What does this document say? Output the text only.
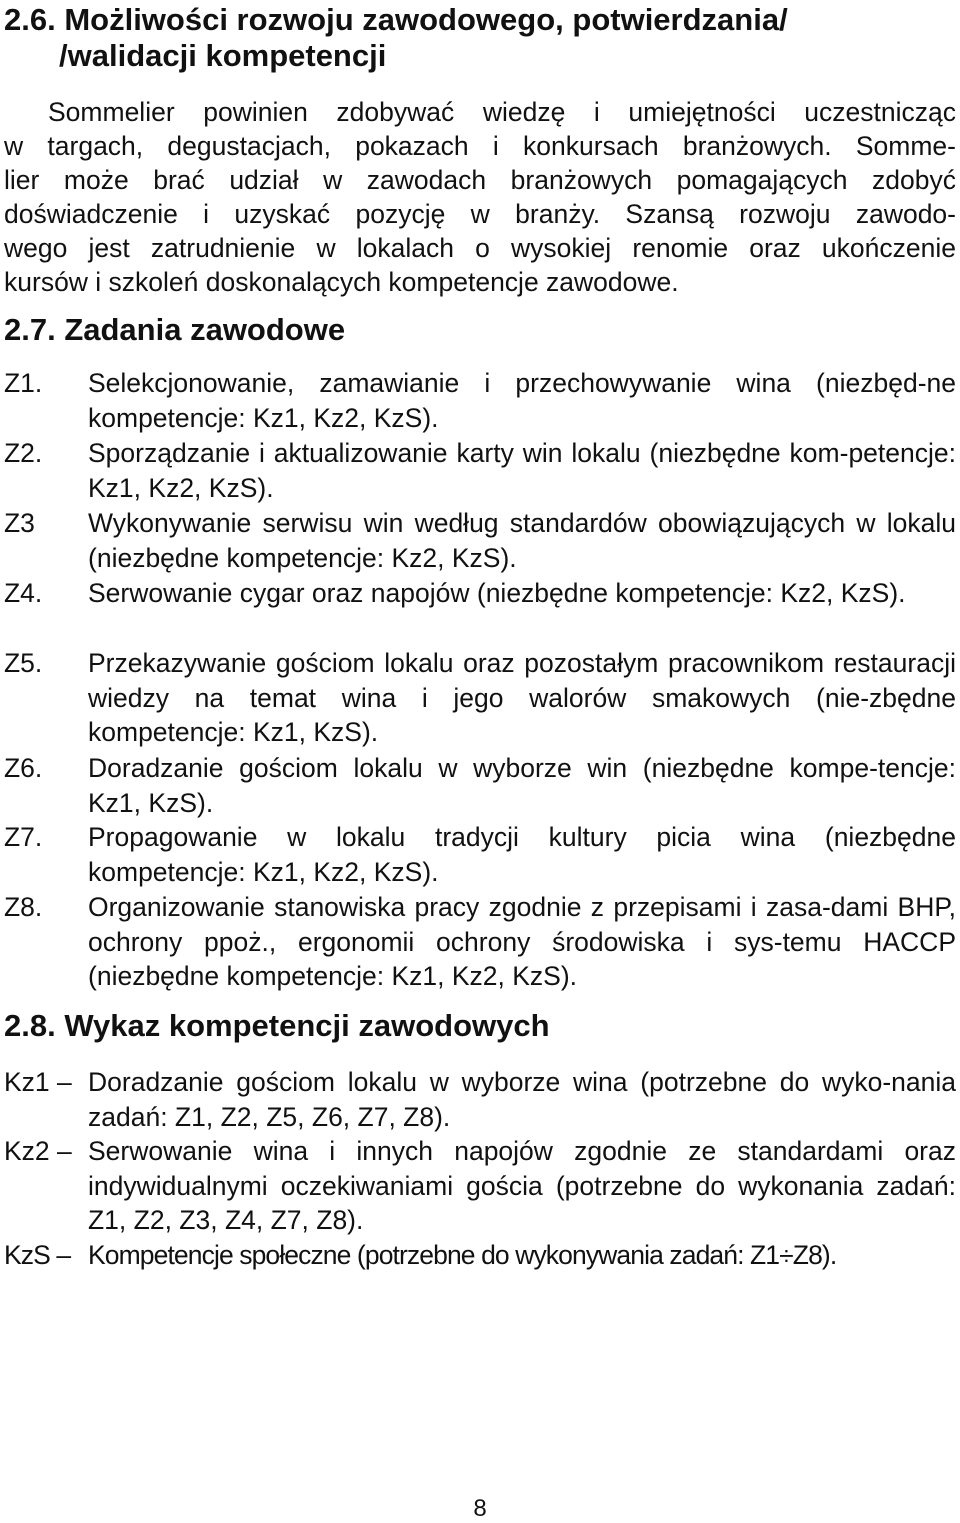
2.6. Możliwości rozwoju zawodowego, potwierdzania/
/walidacji kompetencji
Sommelier powinien zdobywać wiedzę i umiejętności uczestnicząc
w targach, degustacjach, pokazach i konkursach branżowych. Somme-
lier może brać udział w zawodach branżowych pomagających zdobyć
doświadczenie i uzyskać pozycję w branży. Szansą rozwoju zawodo-
wego jest zatrudnienie w lokalach o wysokiej renomie oraz ukończenie
kursów i szkoleń doskonalących kompetencje zawodowe.
2.7. Zadania zawodowe
Z1. Selekcjonowanie, zamawianie i przechowywanie wina (niezbęd-ne kompetencje: Kz1, Kz2, KzS).
Z2. Sporządzanie i aktualizowanie karty win lokalu (niezbędne kom-petencje: Kz1, Kz2, KzS).
Z3 Wykonywanie serwisu win według standardów obowiązujących w lokalu (niezbędne kompetencje: Kz2, KzS).
Z4. Serwowanie cygar oraz napojów (niezbędne kompetencje: Kz2, KzS).
Z5. Przekazywanie gościom lokalu oraz pozostałym pracownikom restauracji wiedzy na temat wina i jego walorów smakowych (nie-zbędne kompetencje: Kz1, KzS).
Z6. Doradzanie gościom lokalu w wyborze win (niezbędne kompe-tencje: Kz1, KzS).
Z7. Propagowanie w lokalu tradycji kultury picia wina (niezbędne kompetencje: Kz1, Kz2, KzS).
Z8. Organizowanie stanowiska pracy zgodnie z przepisami i zasa-dami BHP, ochrony ppoż., ergonomii ochrony środowiska i sys-temu HACCP (niezbędne kompetencje: Kz1, Kz2, KzS).
2.8. Wykaz kompetencji zawodowych
Kz1 – Doradzanie gościom lokalu w wyborze wina (potrzebne do wyko-nania zadań: Z1, Z2, Z5, Z6, Z7, Z8).
Kz2 – Serwowanie wina i innych napojów zgodnie ze standardami oraz indywidualnymi oczekiwaniami gościa (potrzebne do wykonania zadań: Z1, Z2, Z3, Z4, Z7, Z8).
KzS – Kompetencje społeczne (potrzebne do wykonywania zadań: Z1÷Z8).
8
